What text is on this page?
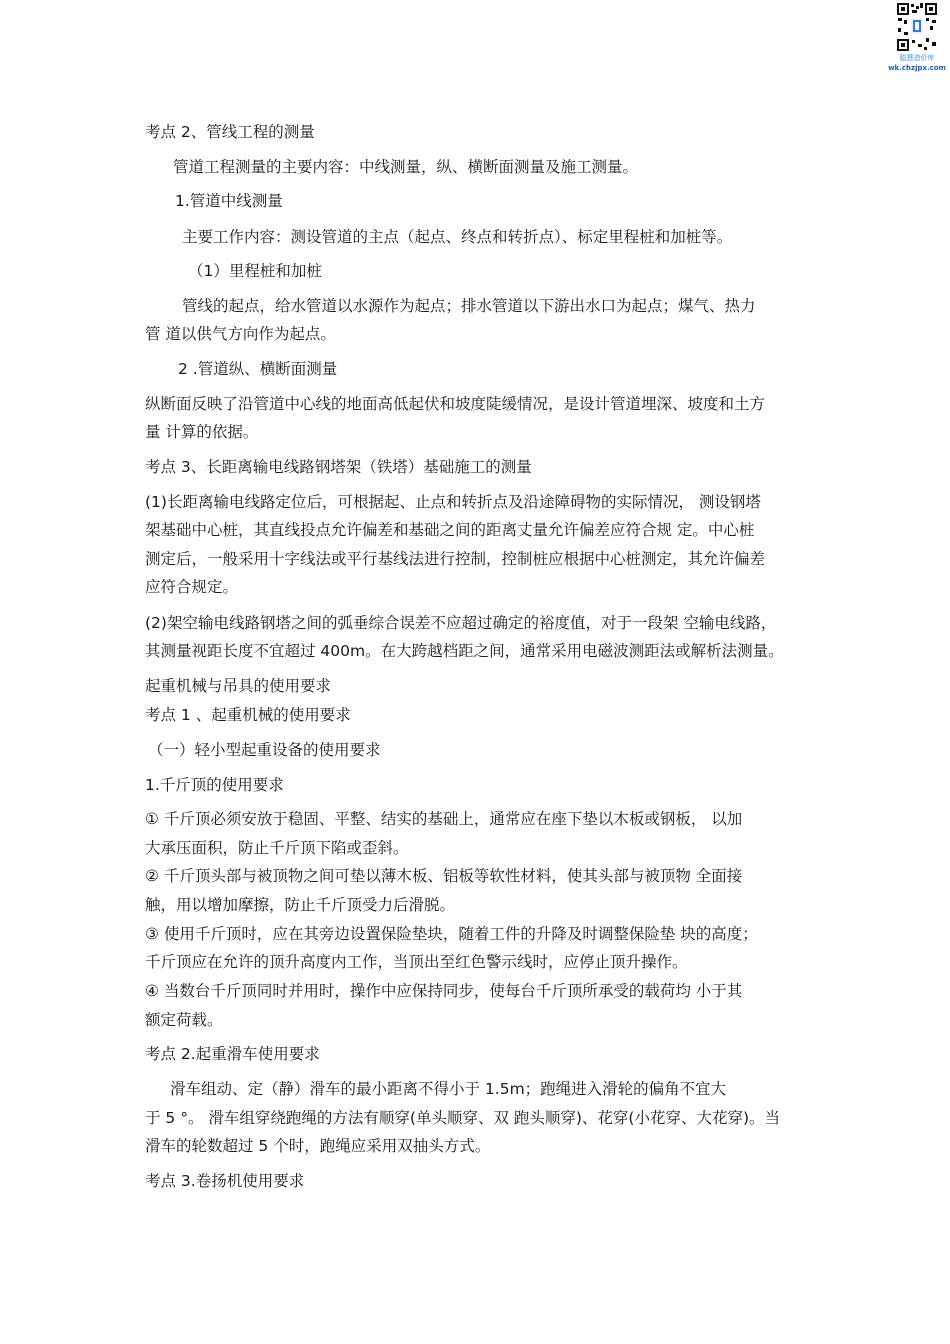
聪慧造价库
wk.chzjpx.com
考点 2、管线工程的测量
管道工程测量的主要内容：中线测量，纵、横断面测量及施工测量。
1.管道中线测量
主要工作内容：测设管道的主点（起点、终点和转折点）、标定里程桩和加桩等。
（1）里程桩和加桩
管线的起点，给水管道以水源作为起点；排水管道以下游出水口为起点；煤气、热力
管 道以供气方向作为起点。
2 .管道纵、横断面测量
纵断面反映了沿管道中心线的地面高低起伏和坡度陡缓情况，是设计管道埋深、坡度和土方
量 计算的依据。
考点 3、长距离输电线路钢塔架（铁塔）基础施工的测量
(1)长距离输电线路定位后，可根据起、止点和转折点及沿途障碍物的实际情况， 测设钢塔
架基础中心桩，其直线投点允许偏差和基础之间的距离丈量允许偏差应符合规 定。中心桩
测定后，一般采用十字线法或平行基线法进行控制，控制桩应根据中心桩测定，其允许偏差
应符合规定。
(2)架空输电线路钢塔之间的弧垂综合误差不应超过确定的裕度值，对于一段架 空输电线路，
其测量视距长度不宜超过 400m。在大跨越档距之间，通常采用电磁波测距法或解析法测量。
起重机械与吊具的使用要求
考点 1 、起重机械的使用要求
（一）轻小型起重设备的使用要求
1.千斤顶的使用要求
① 千斤顶必须安放于稳固、平整、结实的基础上，通常应在座下垫以木板或钢板， 以加
大承压面积，防止千斤顶下陷或歪斜。
② 千斤顶头部与被顶物之间可垫以薄木板、铝板等软性材料，使其头部与被顶物 全面接
触，用以增加摩擦，防止千斤顶受力后滑脱。
③ 使用千斤顶时，应在其旁边设置保险垫块，随着工件的升降及时调整保险垫 块的高度；
千斤顶应在允许的顶升高度内工作，当顶出至红色警示线时，应停止顶升操作。
④ 当数台千斤顶同时并用时，操作中应保持同步，使每台千斤顶所承受的载荷均 小于其
额定荷载。
考点 2.起重滑车使用要求
滑车组动、定（静）滑车的最小距离不得小于 1.5m；跑绳进入滑轮的偏角不宜大
于 5 °。 滑车组穿绕跑绳的方法有顺穿(单头顺穿、双 跑头顺穿)、花穿(小花穿、大花穿)。当
滑车的轮数超过 5 个时，跑绳应采用双抽头方式。
考点 3.卷扬机使用要求
